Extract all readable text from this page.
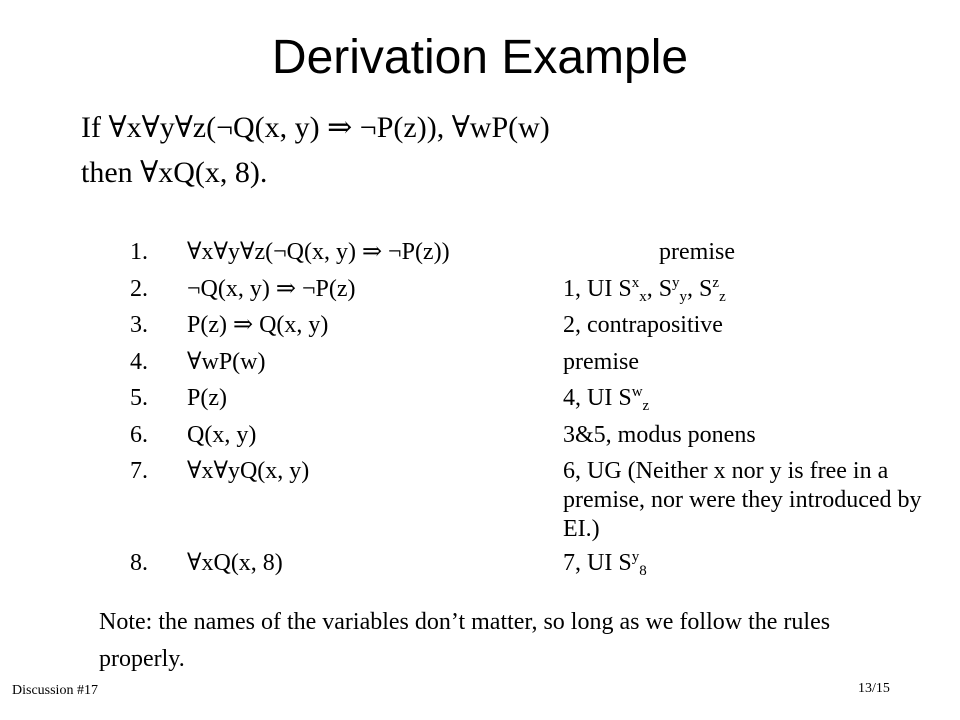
Derivation Example
If ∀x∀y∀z(¬Q(x, y) ⇒ ¬P(z)), ∀wP(w)
then ∀xQ(x, 8).
1. ∀x∀y∀z(¬Q(x, y) ⇒ ¬P(z))	premise
2. ¬Q(x, y) ⇒ ¬P(z)	1, UI $S^x_x$, $S^y_y$, $S^z_z$
3. P(z) ⇒ Q(x, y)	2, contrapositive
4. ∀wP(w)	premise
5. P(z)	4, UI $S^w_z$
6. Q(x, y)	3&5, modus ponens
7. ∀x∀yQ(x, y)	6, UG (Neither x nor y is free in a premise, nor were they introduced by EI.)
8. ∀xQ(x, 8)	7, UI $S^y_8$
Note: the names of the variables don’t matter, so long as we follow the rules properly.
Discussion #17	13/15
